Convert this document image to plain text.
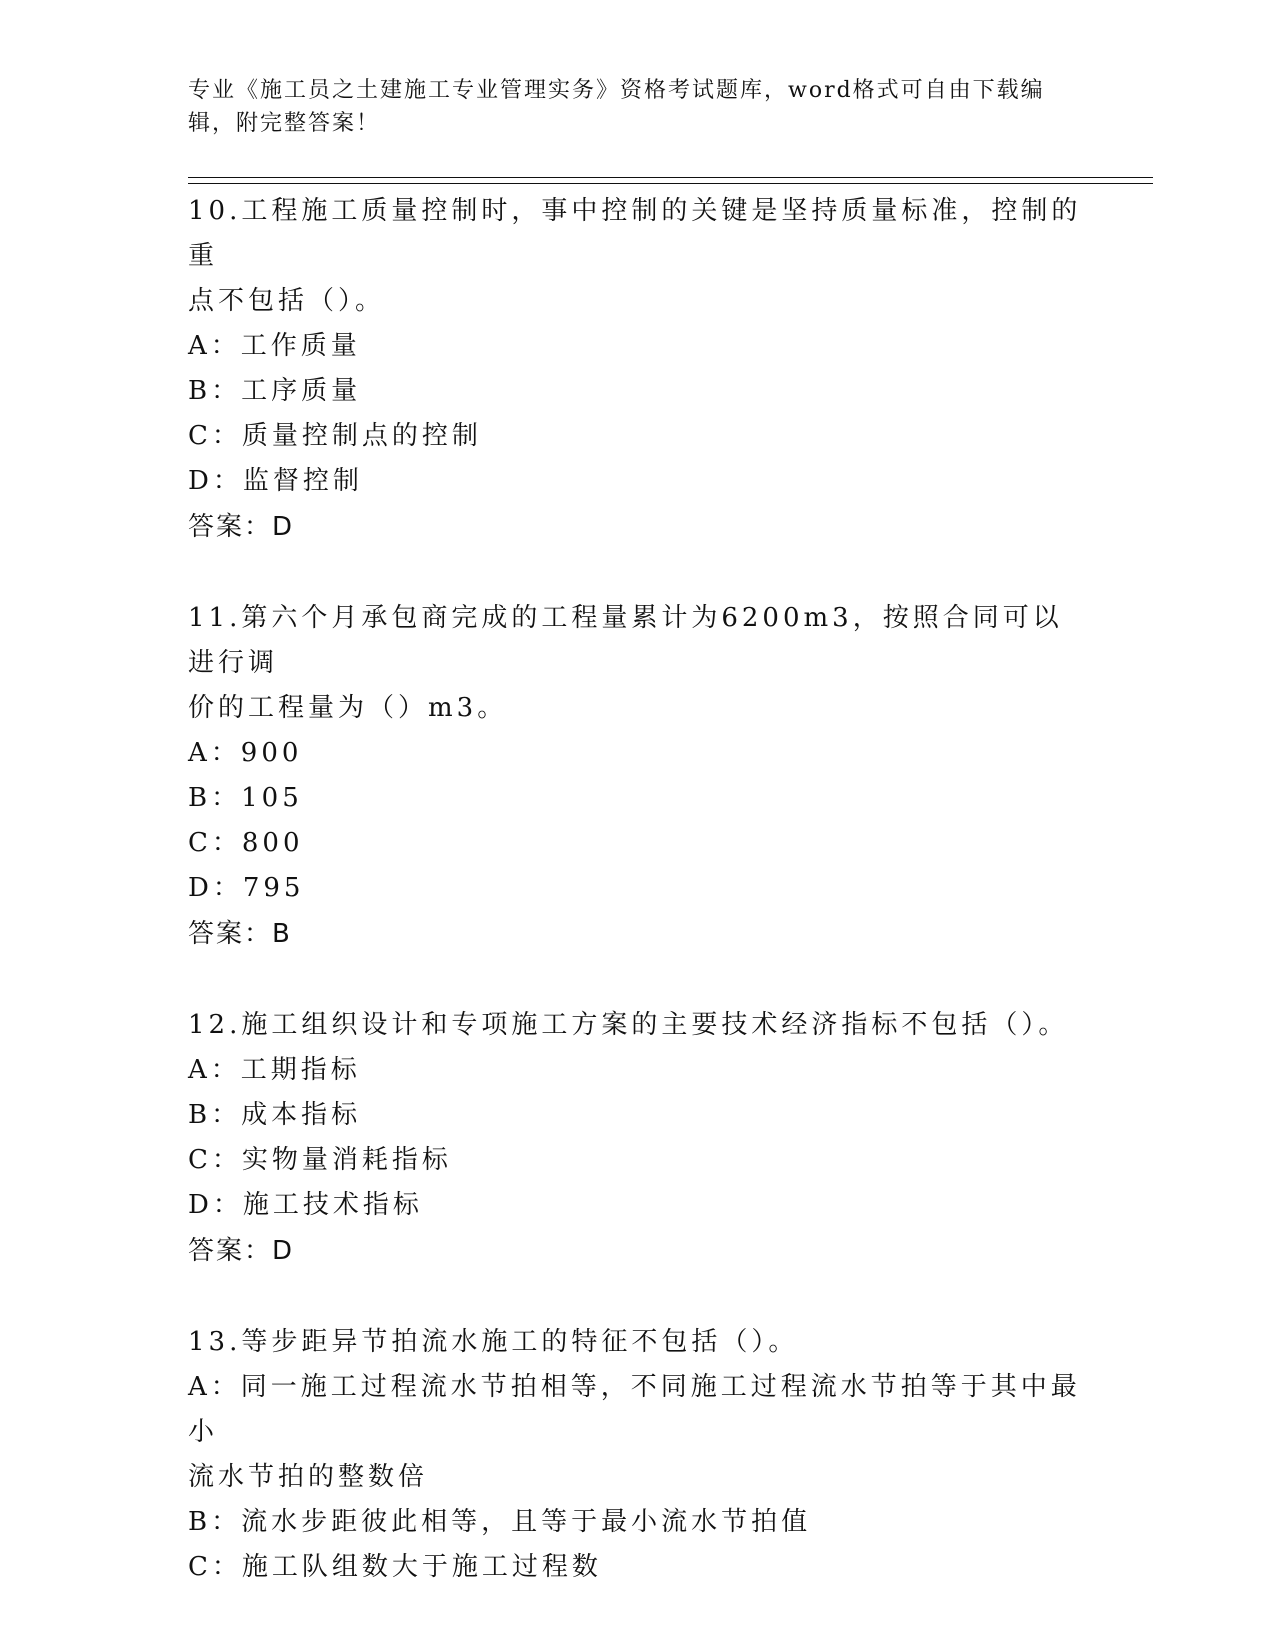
专业《施工员之土建施工专业管理实务》资格考试题库，word格式可自由下载编
辑，附完整答案！
10.工程施工质量控制时，事中控制的关键是坚持质量标准，控制的重
点不包括（）。
A：工作质量
B：工序质量
C：质量控制点的控制
D：监督控制
答案：D
11.第六个月承包商完成的工程量累计为6200m3，按照合同可以进行调
价的工程量为（）m3。
A：900
B：105
C：800
D：795
答案：B
12.施工组织设计和专项施工方案的主要技术经济指标不包括（）。
A：工期指标
B：成本指标
C：实物量消耗指标
D：施工技术指标
答案：D
13.等步距异节拍流水施工的特征不包括（）。
A：同一施工过程流水节拍相等，不同施工过程流水节拍等于其中最小
流水节拍的整数倍
B：流水步距彼此相等，且等于最小流水节拍值
C：施工队组数大于施工过程数
